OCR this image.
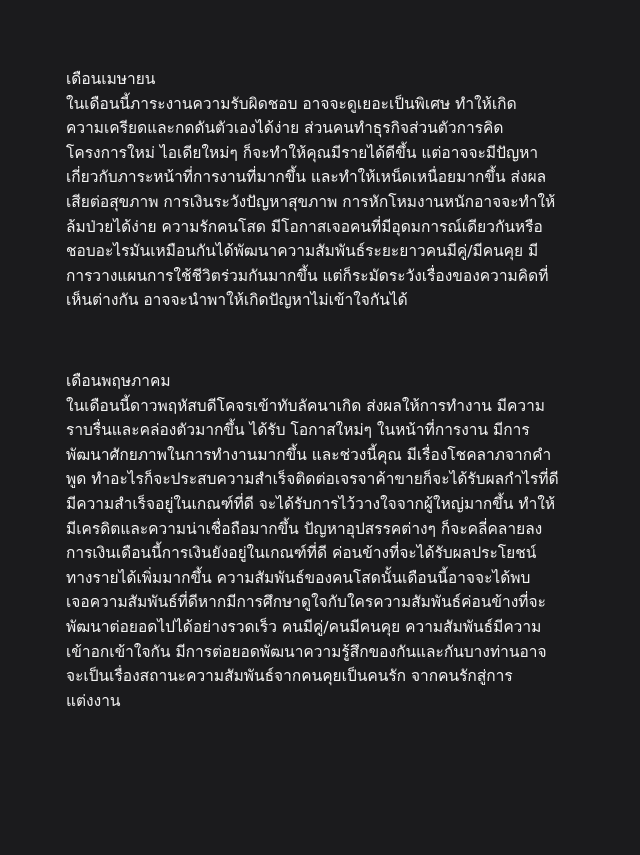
เดือนเมษายน
ในเดือนนี้ภาระงานความรับผิดชอบ อาจจะดูเยอะเป็นพิเศษ ทำให้เกิด
ความเครียดและกดดันตัวเองได้ง่าย ส่วนคนทำธุรกิจส่วนตัวการคิด
โครงการใหม่ ไอเดียใหม่ๆ ก็จะทำให้คุณมีรายได้ดีขึ้น แต่อาจจะมีปัญหา
เกี่ยวกับภาระหน้าที่การงานที่มากขึ้น และทำให้เหน็ดเหนื่อยมากขึ้น ส่งผล
เสียต่อสุขภาพ การเงินระวังปัญหาสุขภาพ การหักโหมงานหนักอาจจะทำให้
ล้มป่วยได้ง่าย ความรักคนโสด มีโอกาสเจอคนที่มีอุดมการณ์เดียวกันหรือ
ชอบอะไรมันเหมือนกันได้พัฒนาความสัมพันธ์ระยะยาวคนมีคู่/มีคนคุย มี
การวางแผนการใช้ชีวิตร่วมกันมากขึ้น แต่ก็ระมัดระวังเรื่องของความคิดที่
เห็นต่างกัน อาจจะนำพาให้เกิดปัญหาไม่เข้าใจกันได้
เดือนพฤษภาคม
ในเดือนนี้ดาวพฤหัสบดีโคจรเข้าทับลัคนาเกิด ส่งผลให้การทำงาน มีความ
ราบรื่นและคล่องตัวมากขึ้น ได้รับ โอกาสใหม่ๆ ในหน้าที่การงาน มีการ
พัฒนาศักยภาพในการทำงานมากขึ้น และช่วงนี้คุณ มีเรื่องโชคลาภจากคำ
พูด ทำอะไรก็จะประสบความสำเร็จติดต่อเจรจาค้าขายก็จะได้รับผลกำไรที่ดี
มีความสำเร็จอยู่ในเกณฑ์ที่ดี จะได้รับการไว้วางใจจากผู้ใหญ่มากขึ้น ทำให้
มีเครดิตและความน่าเชื่อถือมากขึ้น ปัญหาอุปสรรคต่างๆ ก็จะคลี่คลายลง
การเงินเดือนนี้การเงินยังอยู่ในเกณฑ์ที่ดี ค่อนข้างที่จะได้รับผลประโยชน์
ทางรายได้เพิ่มมากขึ้น ความสัมพันธ์ของคนโสดนั้นเดือนนี้อาจจะได้พบ
เจอความสัมพันธ์ที่ดีหากมีการศึกษาดูใจกับใครความสัมพันธ์ค่อนข้างที่จะ
พัฒนาต่อยอดไปได้อย่างรวดเร็ว คนมีคู่/คนมีคนคุย ความสัมพันธ์มีความ
เข้าอกเข้าใจกัน มีการต่อยอดพัฒนาความรู้สึกของกันและกันบางท่านอาจ
จะเป็นเรื่องสถานะความสัมพันธ์จากคนคุยเป็นคนรัก จากคนรักสู่การ
แต่งงาน
